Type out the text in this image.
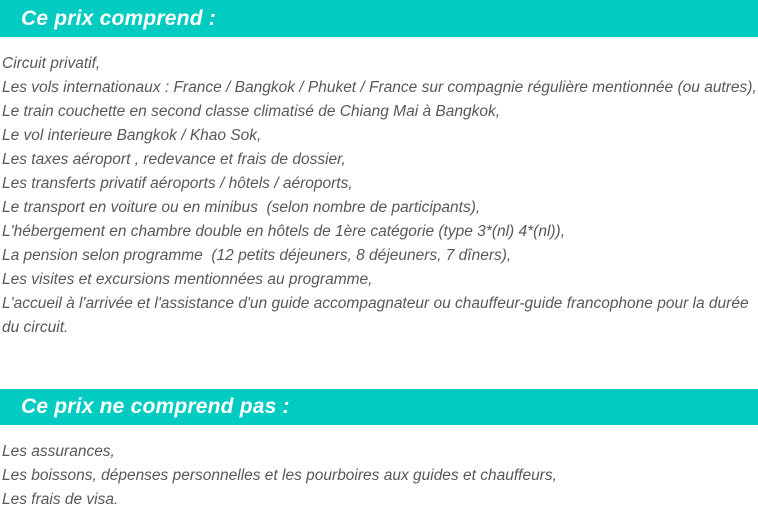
Ce prix comprend :
Circuit privatif,
Les vols internationaux : France / Bangkok / Phuket / France sur compagnie régulière mentionnée (ou autres),
Le train couchette en second classe climatisé de Chiang Mai à Bangkok,
Le vol interieure Bangkok / Khao Sok,
Les taxes aéroport , redevance et frais de dossier,
Les transferts privatif aéroports / hôtels / aéroports,
Le transport en voiture ou en minibus  (selon nombre de participants),
L'hébergement en chambre double en hôtels de 1ère catégorie (type 3*(nl) 4*(nl)),
La pension selon programme  (12 petits déjeuners, 8 déjeuners, 7 dîners),
Les visites et excursions mentionnées au programme,
L'accueil à l'arrivée et l'assistance d'un guide accompagnateur ou chauffeur-guide francophone pour la durée du circuit.
Ce prix ne comprend pas :
Les assurances,
Les boissons, dépenses personnelles et les pourboires aux guides et chauffeurs,
Les frais de visa.
